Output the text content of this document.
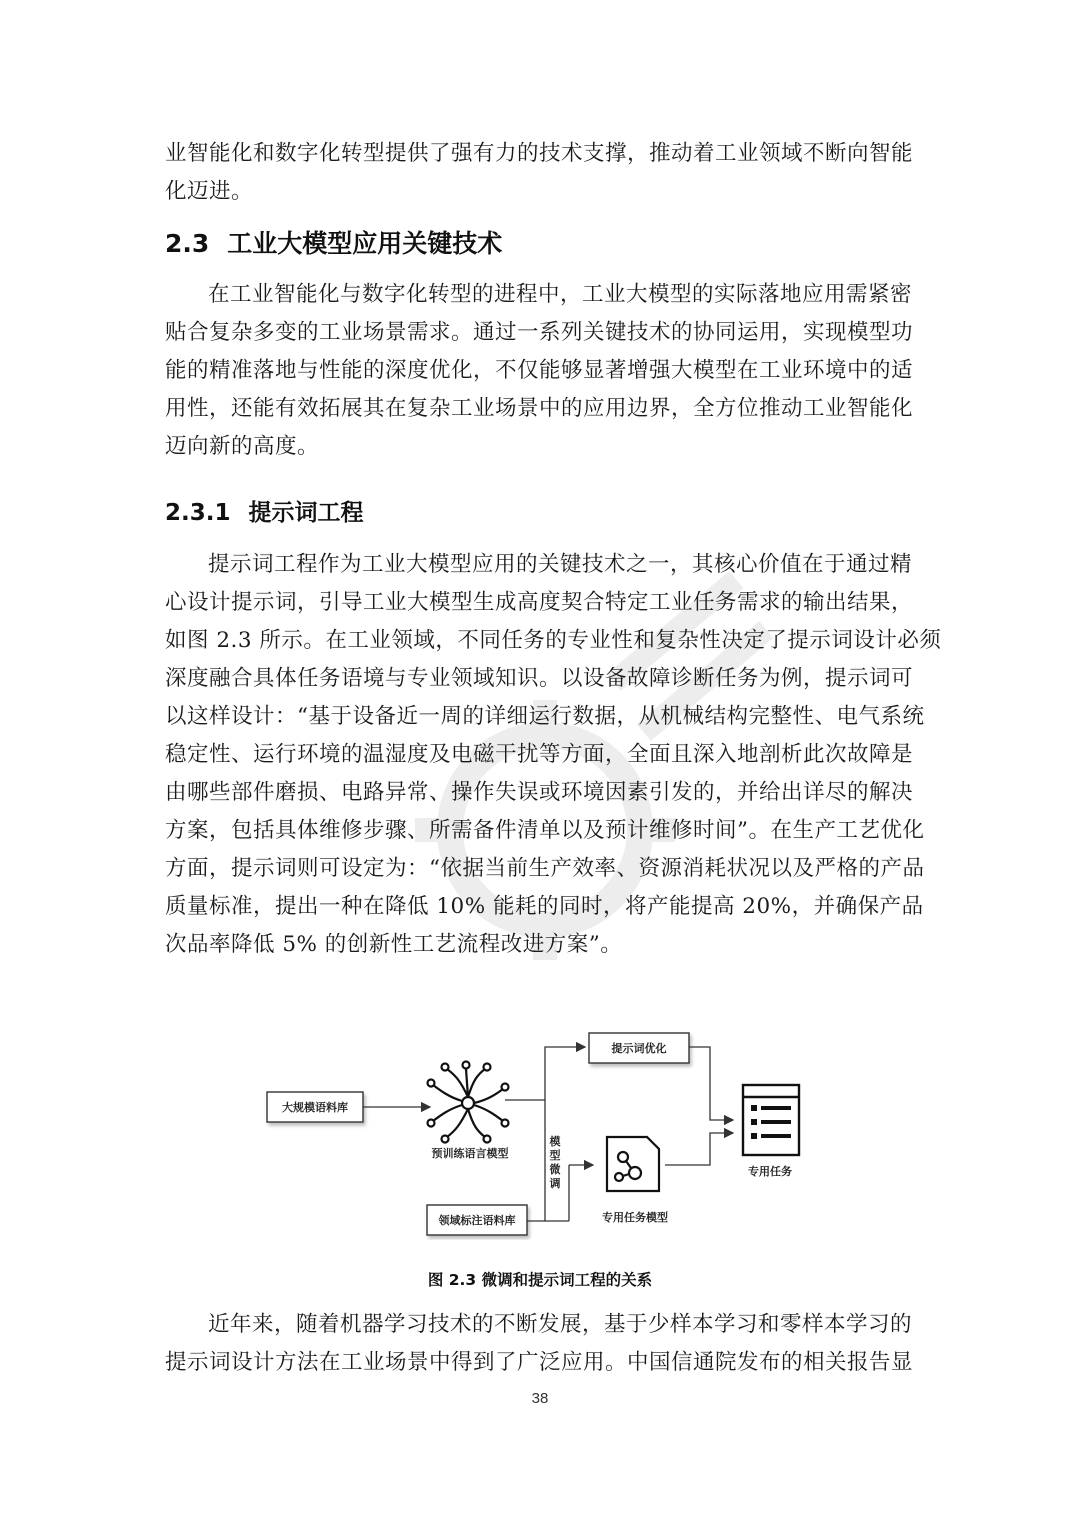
业智能化和数字化转型提供了强有力的技术支撑，推动着工业领域不断向智能
化迈进。

2.3 工业大模型应用关键技术

在工业智能化与数字化转型的进程中，工业大模型的实际落地应用需紧密
贴合复杂多变的工业场景需求。通过一系列关键技术的协同运用，实现模型功
能的精准落地与性能的深度优化，不仅能够显著增强大模型在工业环境中的适
用性，还能有效拓展其在复杂工业场景中的应用边界，全方位推动工业智能化
迈向新的高度。

2.3.1 提示词工程

提示词工程作为工业大模型应用的关键技术之一，其核心价值在于通过精
心设计提示词，引导工业大模型生成高度契合特定工业任务需求的输出结果，
如图 2.3 所示。在工业领域，不同任务的专业性和复杂性决定了提示词设计必须
深度融合具体任务语境与专业领域知识。以设备故障诊断任务为例，提示词可
以这样设计：“基于设备近一周的详细运行数据，从机械结构完整性、电气系统
稳定性、运行环境的温湿度及电磁干扰等方面，全面且深入地剖析此次故障是
由哪些部件磨损、电路异常、操作失误或环境因素引发的，并给出详尽的解决
方案，包括具体维修步骤、所需备件清单以及预计维修时间”。在生产工艺优化
方面，提示词则可设定为：“依据当前生产效率、资源消耗状况以及严格的产品
质量标准，提出一种在降低 10% 能耗的同时，将产能提高 20%，并确保产品
次品率降低 5% 的创新性工艺流程改进方案”。

大规模语料库
领域标注语料库
提示词优化
预训练语言模型
专用任务模型
专用任务
模
型
微
调
图 2.3 微调和提示词工程的关系

近年来，随着机器学习技术的不断发展，基于少样本学习和零样本学习的
提示词设计方法在工业场景中得到了广泛应用。中国信通院发布的相关报告显

38
